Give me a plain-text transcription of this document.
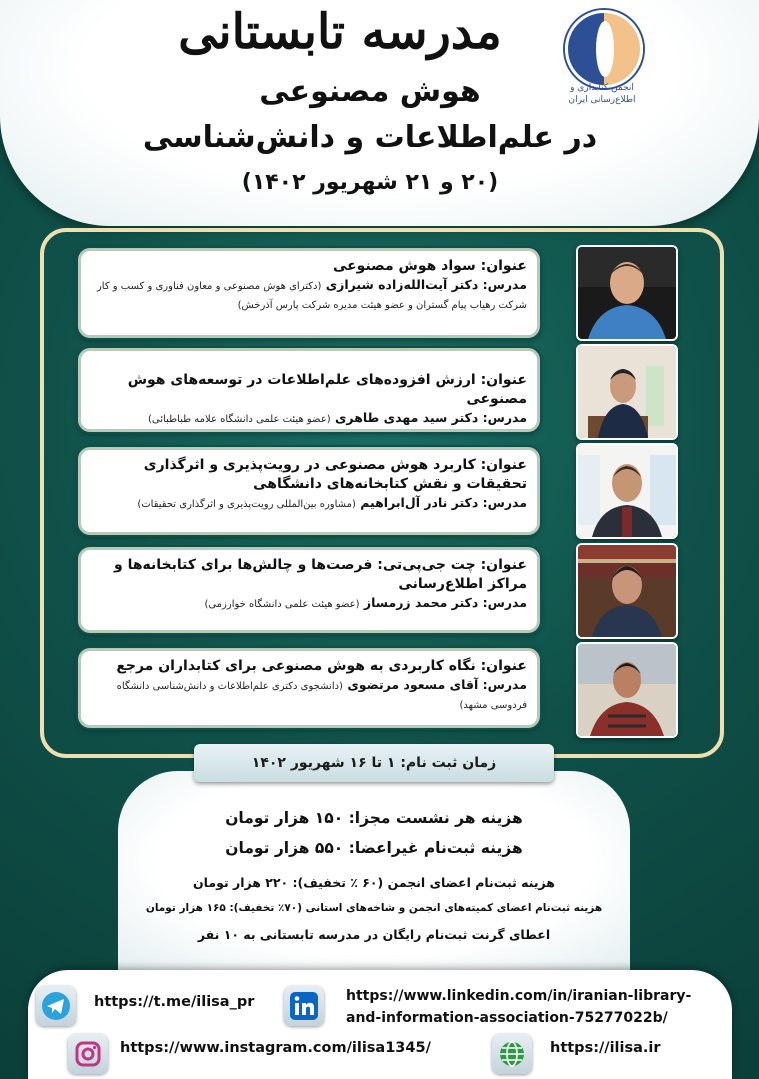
انجمن کتابداری و اطلاع‌رسانی ایران
مدرسه تابستانی
هوش مصنوعی
در علم‌اطلاعات و دانش‌شناسی
(۲۰ و ۲۱ شهریور ۱۴۰۲)
عنوان: سواد هوش مصنوعی
مدرس: دکتر آیت‌الله‌زاده شیرازی (دکترای هوش مصنوعی و معاون فناوری و کسب و کار شرکت رهیاب پیام گستران و عضو هیئت مدیره شرکت پارس آذرخش)
عنوان: ارزش افزوده‌های علم‌اطلاعات در توسعه‌های هوش مصنوعی
مدرس: دکتر سید مهدی طاهری (عضو هیئت علمی دانشگاه علامه طباطبائی)
عنوان: کاربرد هوش مصنوعی در رویت‌پذیری و اثرگذاری تحقیقات و نقش کتابخانه‌های دانشگاهی
مدرس: دکتر نادر آل‌ابراهیم (مشاوره بین‌المللی رویت‌پذیری و اثرگذاری تحقیقات)
عنوان: چت جی‌پی‌تی: فرصت‌ها و چالش‌ها برای کتابخانه‌ها و مراکز اطلاع‌رسانی
مدرس: دکتر محمد زرمساز (عضو هیئت علمی دانشگاه خوارزمی)
عنوان: نگاه کاربردی به هوش مصنوعی برای کتابداران مرجع
مدرس: آقای مسعود مرتضوی (دانشجوی دکتری علم‌اطلاعات و دانش‌شناسی دانشگاه فردوسی مشهد)
هزینه هر نشست مجزا: ۱۵۰ هزار تومان
هزینه ثبت‌نام غیراعضا: ۵۵۰ هزار تومان
هزینه ثبت‌نام اعضای انجمن (۶۰ ٪ تخفیف): ۲۲۰ هزار تومان
هزینه ثبت‌نام اعضای کمیته‌های انجمن و شاخه‌های استانی (۷۰٪ تخفیف): ۱۶۵ هزار تومان
اعطای گرنت ثبت‌نام رایگان در مدرسه تابستانی به ۱۰ نفر
زمان ثبت نام: ۱ تا ۱۶ شهریور ۱۴۰۲
https://t.me/ilisa_pr	https://www.linkedin.com/in/iranian-library-
and-information-association-75277022b/
https://www.instagram.com/ilisa1345/	https://ilisa.ir
